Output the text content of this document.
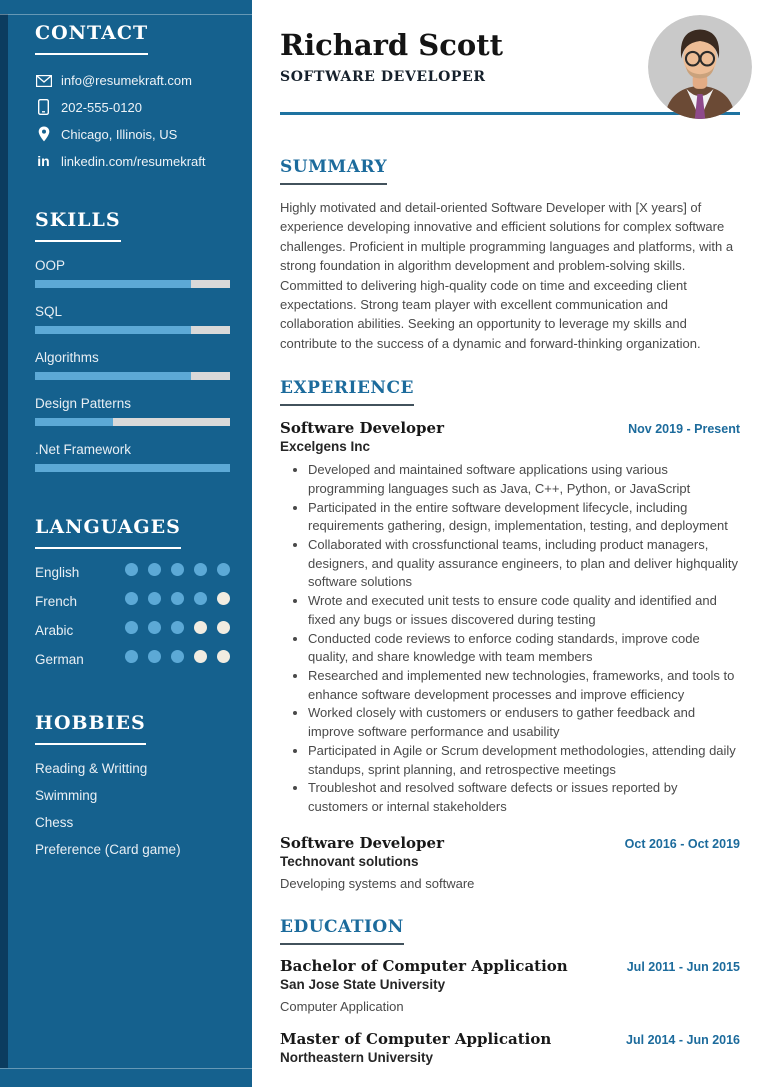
CONTACT
info@resumekraft.com
202-555-0120
Chicago, Illinois, US
in linkedin.com/resumekraft
SKILLS
OOP
SQL
Algorithms
Design Patterns
.Net Framework
LANGUAGES
English
French
Arabic
German
HOBBIES
Reading & Writting
Swimming
Chess
Preference (Card game)
Richard Scott
SOFTWARE DEVELOPER
SUMMARY

Highly motivated and detail-oriented Software Developer with [X years] of experience developing innovative and efficient solutions for complex software challenges. Proficient in multiple programming languages and platforms, with a strong foundation in algorithm development and problem-solving skills. Committed to delivering high-quality code on time and exceeding client expectations. Strong team player with excellent communication and collaboration abilities. Seeking an opportunity to leverage my skills and contribute to the success of a dynamic and forward-thinking organization.

EXPERIENCE
Software Developer	Nov 2019 - Present
Excelgens Inc
• Developed and maintained software applications using various programming languages such as Java, C++, Python, or JavaScript
• Participated in the entire software development lifecycle, including requirements gathering, design, implementation, testing, and deployment
• Collaborated with crossfunctional teams, including product managers, designers, and quality assurance engineers, to plan and deliver highquality software solutions
• Wrote and executed unit tests to ensure code quality and identified and fixed any bugs or issues discovered during testing
• Conducted code reviews to enforce coding standards, improve code quality, and share knowledge with team members
• Researched and implemented new technologies, frameworks, and tools to enhance software development processes and improve efficiency
• Worked closely with customers or endusers to gather feedback and improve software performance and usability
• Participated in Agile or Scrum development methodologies, attending daily standups, sprint planning, and retrospective meetings
• Troubleshot and resolved software defects or issues reported by customers or internal stakeholders
Software Developer	Oct 2016 - Oct 2019
Technovant solutions
Developing systems and software
EDUCATION
Bachelor of Computer Application	Jul 2011 - Jun 2015
San Jose State University
Computer Application
Master of Computer Application	Jul 2014 - Jun 2016
Northeastern University
